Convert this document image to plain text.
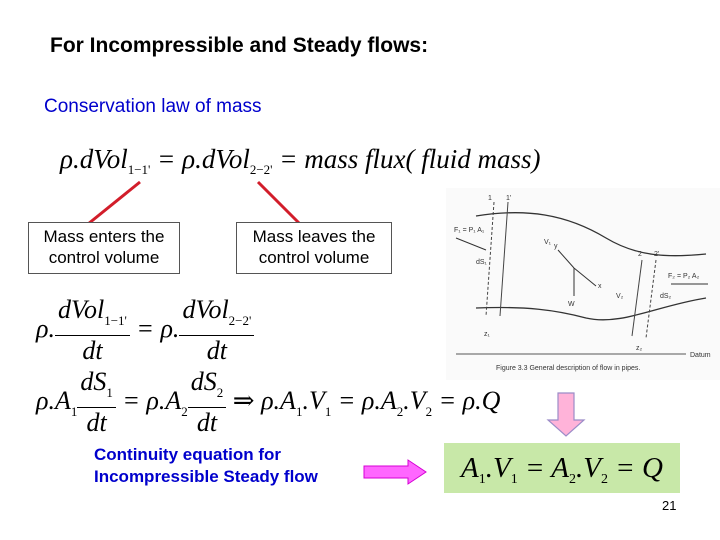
For Incompressible and Steady flows:
Conservation law of mass
ρ.dVol$_{1-1'}$ = ρ.dVol$_{2-2'}$ = mass flux( fluid mass)
Mass enters the control volume
Mass leaves the control volume
ρ. $\frac{dVol_{1-1'}}{dt} = \rho$. $\frac{dVol_{2-2'}}{dt}$
$\rho.A_1 \frac{dS_1}{dt} = \rho.A_2 \frac{dS_2}{dt}$ ⇒ $\rho.A_1.V_1 = \rho.A_2.V_2 = \rho.Q$
Continuity equation for Incompressible Steady flow	$A_1.V_1 = A_2.V_2 = Q$
Datum
F₁ = P₁ A₁
F₂ = P₂ A₂
1 1'
2 2'
dS₁
dS₂
V₁
V₂
W
x
y
z₁
z₂
Figure 3.3 General description of flow in pipes.
21
